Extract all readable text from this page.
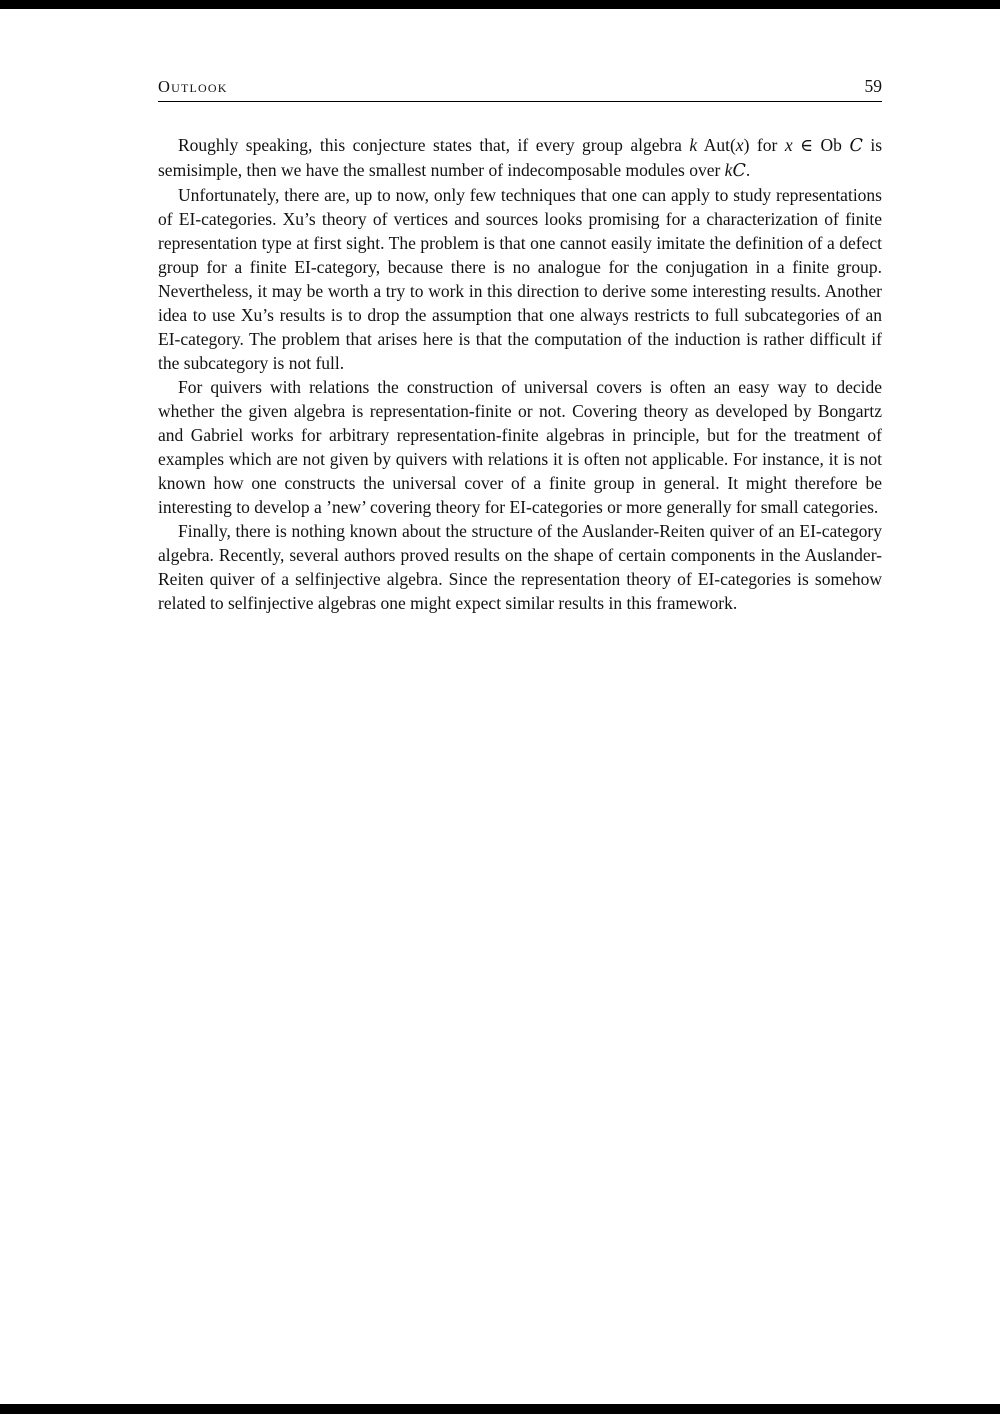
Outlook	59

Roughly speaking, this conjecture states that, if every group algebra k Aut(x) for x ∈ Ob C is semisimple, then we have the smallest number of indecomposable modules over kC.

Unfortunately, there are, up to now, only few techniques that one can apply to study representations of EI-categories. Xu’s theory of vertices and sources looks promising for a characterization of finite representation type at first sight. The problem is that one cannot easily imitate the definition of a defect group for a finite EI-category, because there is no analogue for the conjugation in a finite group. Nevertheless, it may be worth a try to work in this direction to derive some interesting results. Another idea to use Xu’s results is to drop the assumption that one always restricts to full subcategories of an EI-category. The problem that arises here is that the computation of the induction is rather difficult if the subcategory is not full.

For quivers with relations the construction of universal covers is often an easy way to decide whether the given algebra is representation-finite or not. Covering theory as developed by Bongartz and Gabriel works for arbitrary representation-finite algebras in principle, but for the treatment of examples which are not given by quivers with relations it is often not applicable. For instance, it is not known how one constructs the universal cover of a finite group in general. It might therefore be interesting to develop a ’new’ covering theory for EI-categories or more generally for small categories.

Finally, there is nothing known about the structure of the Auslander-Reiten quiver of an EI-category algebra. Recently, several authors proved results on the shape of certain components in the Auslander-Reiten quiver of a selfinjective algebra. Since the representation theory of EI-categories is somehow related to selfinjective algebras one might expect similar results in this framework.
